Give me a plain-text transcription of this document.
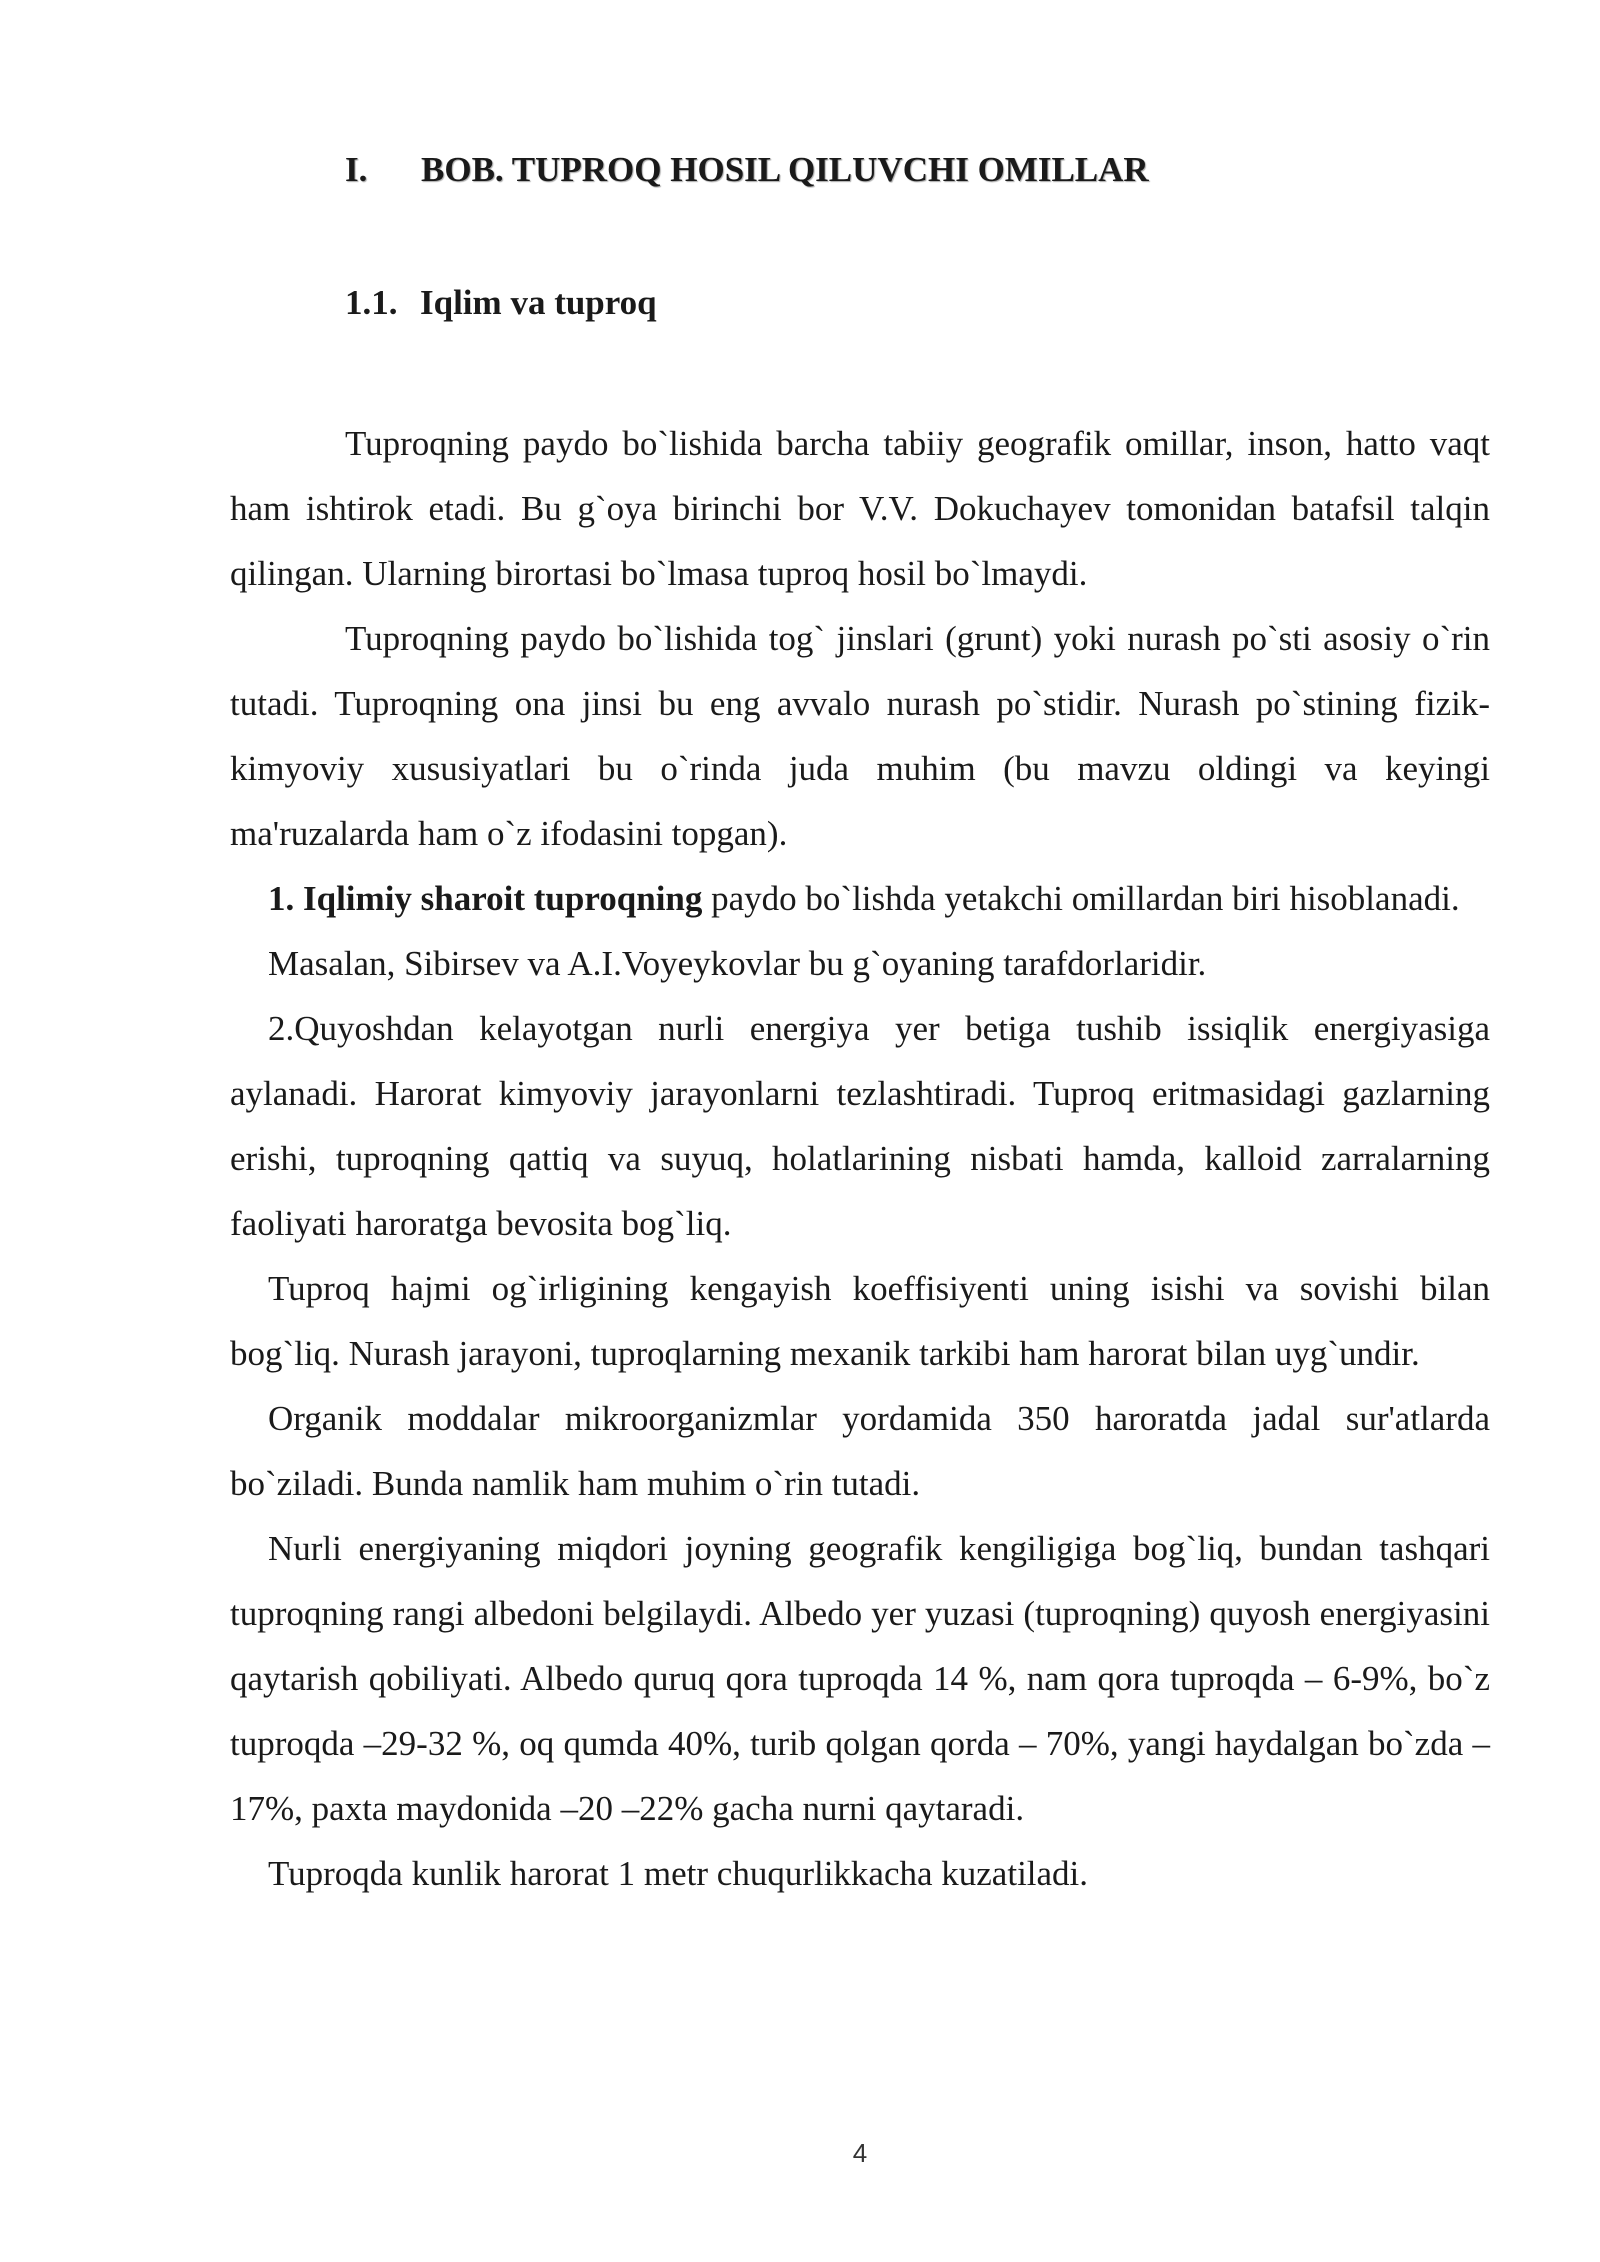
I. BOB. TUPROQ HOSIL QILUVCHI OMILLAR
1.1. Iqlim va tuproq

Tuproqning paydo bo`lishida barcha tabiiy geografik omillar, inson, hatto vaqt ham ishtirok etadi. Bu g`oya birinchi bor V.V. Dokuchayev tomonidan batafsil talqin qilingan. Ularning birortasi bo`lmasa tuproq hosil bo`lmaydi.

Tuproqning paydo bo`lishida tog` jinslari (grunt) yoki nurash po`sti asosiy o`rin tutadi. Tuproqning ona jinsi bu eng avvalo nurash po`stidir. Nurash po`stining fizik-kimyoviy xususiyatlari bu o`rinda juda muhim (bu mavzu oldingi va keyingi ma'ruzalarda ham o`z ifodasini topgan).

1. Iqlimiy sharoit tuproqning paydo bo`lishda yetakchi omillardan biri hisoblanadi.

Masalan, Sibirsev va A.I.Voyeykovlar bu g`oyaning tarafdorlaridir.

2.Quyoshdan kelayotgan nurli energiya yer betiga tushib issiqlik energiyasiga aylanadi. Harorat kimyoviy jarayonlarni tezlashtiradi. Tuproq eritmasidagi gazlarning erishi, tuproqning qattiq va suyuq, holatlarining nisbati hamda, kalloid zarralarning faoliyati haroratga bevosita bog`liq.

Tuproq hajmi og`irligining kengayish koeffisiyenti uning isishi va sovishi bilan bog`liq. Nurash jarayoni, tuproqlarning mexanik tarkibi ham harorat bilan uyg`undir.

Organik moddalar mikroorganizmlar yordamida 350 haroratda jadal sur'atlarda bo`ziladi. Bunda namlik ham muhim o`rin tutadi.

Nurli energiyaning miqdori joyning geografik kengiligiga bog`liq, bundan tashqari tuproqning rangi albedoni belgilaydi. Albedo yer yuzasi (tuproqning) quyosh energiyasini qaytarish qobiliyati. Albedo quruq qora tuproqda 14 %, nam qora tuproqda – 6-9%, bo`z tuproqda –29-32 %, oq qumda 40%, turib qolgan qorda – 70%, yangi haydalgan bo`zda –17%, paxta maydonida –20 –22% gacha nurni qaytaradi.

Tuproqda kunlik harorat 1 metr chuqurlikkacha kuzatiladi.

4
